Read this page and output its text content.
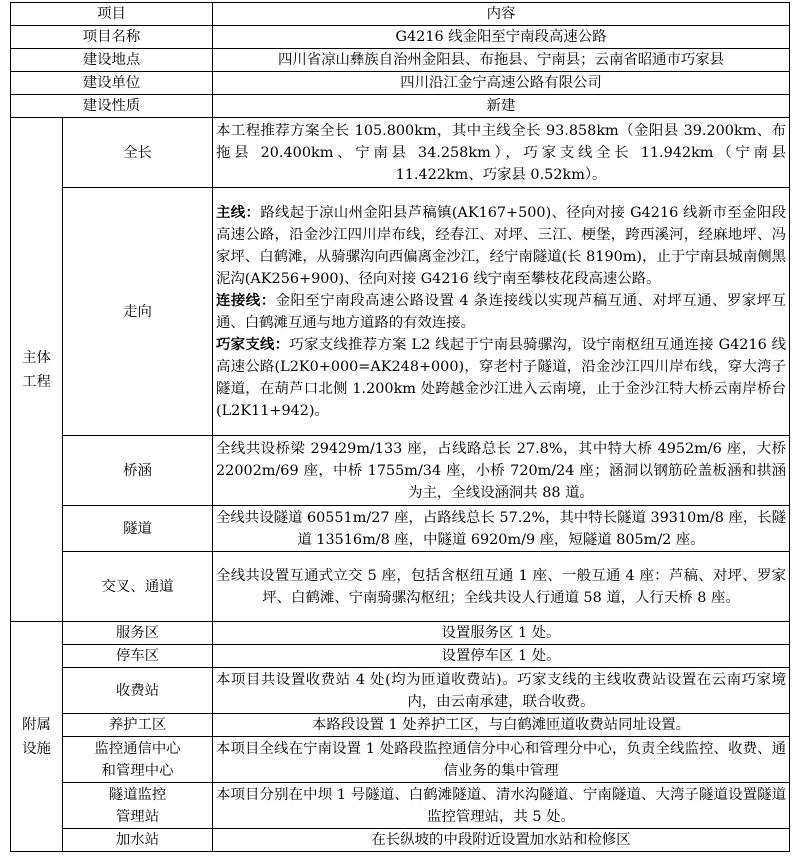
项目		内容
项目名称		G4216 线金阳至宁南段高速公路
建设地点		四川省凉山彝族自治州金阳县、布拖县、宁南县；云南省昭通市巧家县
建设单位		四川沿江金宁高速公路有限公司
建设性质		新建
主体
工程	全长	本工程推荐方案全长 105.800km，其中主线全长 93.858km（金阳县 39.200km、布拖县 20.400km、宁南县 34.258km），巧家支线全长 11.942km（宁南县 11.422km、巧家县 0.52km）。
	走向	主线：路线起于凉山州金阳县芦稿镇(AK167+500)、径向对接 G4216 线新市至金阳段高速公路，沿金沙江四川岸布线，经春江、对坪、三江、梗堡，跨西溪河，经麻地坪、冯家坪、白鹤滩，从骑骡沟向西偏离金沙江，经宁南隧道(长 8190m)，止于宁南县城南侧黑泥沟(AK256+900)、径向对接 G4216 线宁南至攀枝花段高速公路。
连接线：金阳至宁南段高速公路设置 4 条连接线以实现芦稿互通、对坪互通、罗家坪互通、白鹤滩互通与地方道路的有效连接。
巧家支线：巧家支线推荐方案 L2 线起于宁南县骑骡沟，设宁南枢纽互通连接 G4216 线高速公路(L2K0+000=AK248+000)，穿老村子隧道，沿金沙江四川岸布线，穿大湾子隧道，在葫芦口北侧 1.200km 处跨越金沙江进入云南境，止于金沙江特大桥云南岸桥台(L2K11+942)。
	桥涵	全线共设桥梁 29429m/133 座，占线路总长 27.8%，其中特大桥 4952m/6 座，大桥 22002m/69 座，中桥 1755m/34 座，小桥 720m/24 座；涵洞以钢筋砼盖板涵和拱涵为主，全线设涵洞共 88 道。
	隧道	全线共设隧道 60551m/27 座，占路线总长 57.2%，其中特长隧道 39310m/8 座，长隧道 13516m/8 座，中隧道 6920m/9 座，短隧道 805m/2 座。
	交叉、通道	全线共设置互通式立交 5 座，包括含枢纽互通 1 座、一般互通 4 座：芦稿、对坪、罗家坪、白鹤滩、宁南骑骡沟枢纽；全线共设人行通道 58 道，人行天桥 8 座。
附属
设施	服务区	设置服务区 1 处。
	停车区	设置停车区 1 处。
	收费站	本项目共设置收费站 4 处(均为匝道收费站)。巧家支线的主线收费站设置在云南巧家境内，由云南承建，联合收费。
	养护工区	本路段设置 1 处养护工区，与白鹤滩匝道收费站同址设置。
	监控通信中心
和管理中心	本项目全线在宁南设置 1 处路段监控通信分中心和管理分中心，负责全线监控、收费、通信业务的集中管理
	隧道监控
管理站	本项目分别在中坝 1 号隧道、白鹤滩隧道、清水沟隧道、宁南隧道、大湾子隧道设置隧道监控管理站，共 5 处。
	加水站	在长纵坡的中段附近设置加水站和检修区
